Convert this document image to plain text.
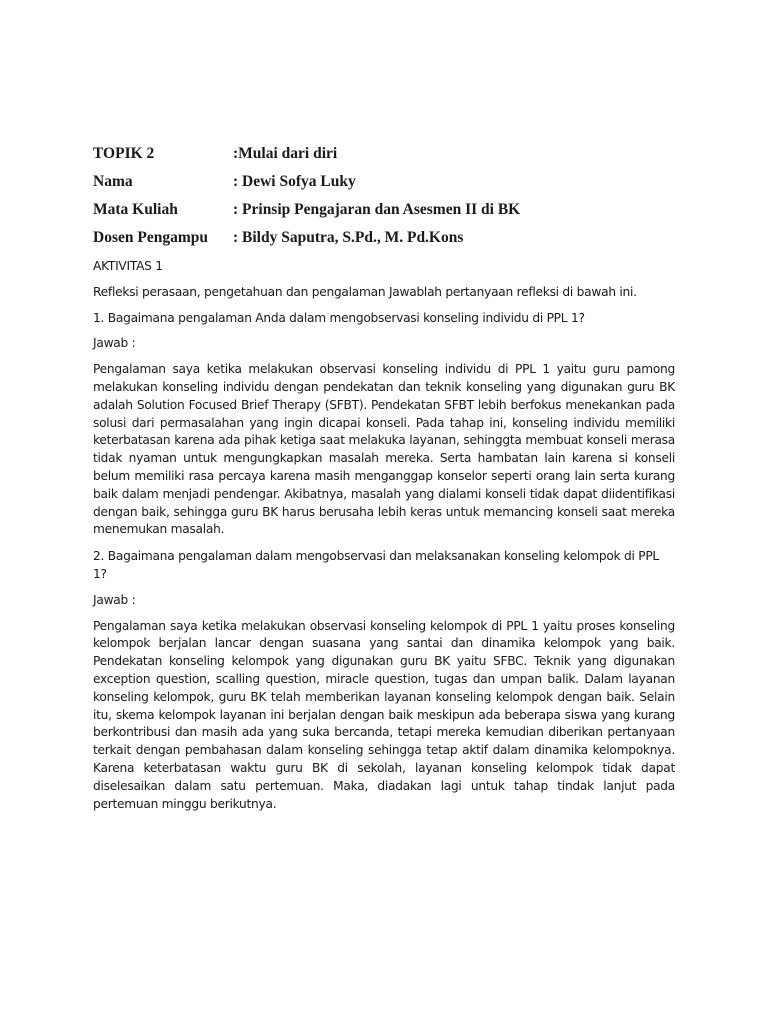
TOPIK 2	:Mulai dari diri
Nama	: Dewi Sofya Luky
Mata Kuliah	: Prinsip Pengajaran dan Asesmen II di BK
Dosen Pengampu	: Bildy Saputra, S.Pd., M. Pd.Kons

AKTIVITAS 1

Refleksi perasaan, pengetahuan dan pengalaman Jawablah pertanyaan refleksi di bawah ini.

1. Bagaimana pengalaman Anda dalam mengobservasi konseling individu di PPL 1?

Jawab :

Pengalaman saya ketika melakukan observasi konseling individu di PPL 1 yaitu guru pamong melakukan konseling individu dengan pendekatan dan teknik konseling yang digunakan guru BK adalah Solution Focused Brief Therapy (SFBT). Pendekatan SFBT lebih berfokus menekankan pada solusi dari permasalahan yang ingin dicapai konseli. Pada tahap ini, konseling individu memiliki keterbatasan karena ada pihak ketiga saat melakuka layanan, sehinggta membuat konseli merasa tidak nyaman untuk mengungkapkan masalah mereka. Serta hambatan lain karena si konseli belum memiliki rasa percaya karena masih menganggap konselor seperti orang lain serta kurang baik dalam menjadi pendengar. Akibatnya, masalah yang dialami konseli tidak dapat diidentifikasi dengan baik, sehingga guru BK harus berusaha lebih keras untuk memancing konseli saat mereka menemukan masalah.

2. Bagaimana pengalaman dalam mengobservasi dan melaksanakan konseling kelompok di PPL 1?

Jawab :

Pengalaman saya ketika melakukan observasi konseling kelompok di PPL 1 yaitu proses konseling kelompok berjalan lancar dengan suasana yang santai dan dinamika kelompok yang baik. Pendekatan konseling kelompok yang digunakan guru BK yaitu SFBC. Teknik yang digunakan exception question, scalling question, miracle question, tugas dan umpan balik. Dalam layanan konseling kelompok, guru BK telah memberikan layanan konseling kelompok dengan baik. Selain itu, skema kelompok layanan ini berjalan dengan baik meskipun ada beberapa siswa yang kurang berkontribusi dan masih ada yang suka bercanda, tetapi mereka kemudian diberikan pertanyaan terkait dengan pembahasan dalam konseling sehingga tetap aktif dalam dinamika kelompoknya. Karena keterbatasan waktu guru BK di sekolah, layanan konseling kelompok tidak dapat diselesaikan dalam satu pertemuan. Maka, diadakan lagi untuk tahap tindak lanjut pada pertemuan minggu berikutnya.
